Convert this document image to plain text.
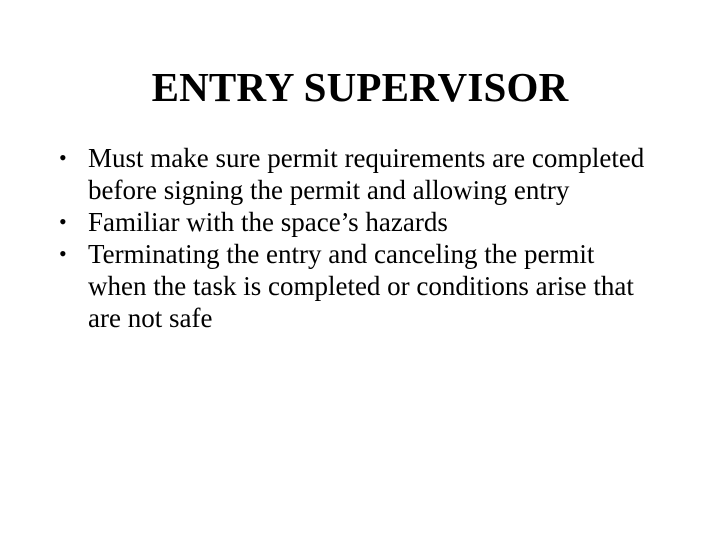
ENTRY SUPERVISOR
• Must make sure permit requirements are completed before signing the permit and allowing entry
• Familiar with the space’s hazards
• Terminating the entry and canceling the permit when the task is completed or conditions arise that are not safe
